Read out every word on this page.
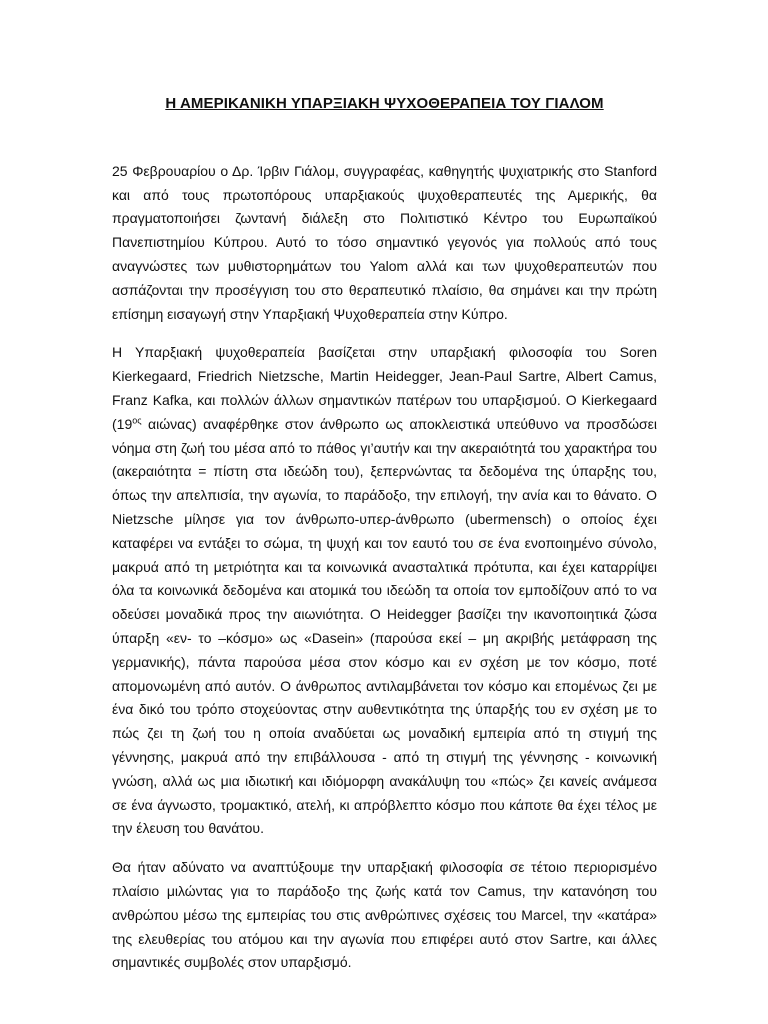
Η ΑΜΕΡΙΚΑΝΙΚΗ ΥΠΑΡΞΙΑΚΗ ΨΥΧΟΘΕΡΑΠΕΙΑ ΤΟΥ ΓΙΑΛΟΜ

25 Φεβρουαρίου ο Δρ. Ίρβιν Γιάλομ, συγγραφέας, καθηγητής ψυχιατρικής στο Stanford και από τους πρωτοπόρους υπαρξιακούς ψυχοθεραπευτές της Αμερικής, θα πραγματοποιήσει ζωντανή διάλεξη στο Πολιτιστικό Κέντρο του Ευρωπαϊκού Πανεπιστημίου Κύπρου. Αυτό το τόσο σημαντικό γεγονός για πολλούς από τους αναγνώστες των μυθιστορημάτων του Yalom αλλά και των ψυχοθεραπευτών που ασπάζονται την προσέγγιση του στο θεραπευτικό πλαίσιο, θα σημάνει και την πρώτη επίσημη εισαγωγή στην Υπαρξιακή Ψυχοθεραπεία στην Κύπρο.

Η Υπαρξιακή ψυχοθεραπεία βασίζεται στην υπαρξιακή φιλοσοφία του Soren Kierkegaard, Friedrich Nietzsche, Martin Heidegger, Jean-Paul Sartre, Albert Camus, Franz Kafka, και πολλών άλλων σημαντικών πατέρων του υπαρξισμού. Ο Kierkegaard ($19^{o\varsigma}$ αιώνας) αναφέρθηκε στον άνθρωπο ως αποκλειστικά υπεύθυνο να προσδώσει νόημα στη ζωή του μέσα από το πάθος γι’αυτήν και την ακεραιότητά του χαρακτήρα του (ακεραιότητα = πίστη στα ιδεώδη του), ξεπερνώντας τα δεδομένα της ύπαρξης του, όπως την απελπισία, την αγωνία, το παράδοξο, την επιλογή, την ανία και το θάνατο. Ο Nietzsche μίλησε για τον άνθρωπο-υπερ-άνθρωπο (ubermensch) ο οποίος έχει καταφέρει να εντάξει το σώμα, τη ψυχή και τον εαυτό του σε ένα ενοποιημένο σύνολο, μακρυά από τη μετριότητα και τα κοινωνικά ανασταλτικά πρότυπα, και έχει καταρρίψει όλα τα κοινωνικά δεδομένα και ατομικά του ιδεώδη τα οποία τον εμποδίζουν από το να οδεύσει μοναδικά προς την αιωνιότητα. Ο Heidegger βασίζει την ικανοποιητικά ζώσα ύπαρξη «εν- το –κόσμο» ως «Dasein» (παρούσα εκεί – μη ακριβής μετάφραση της γερμανικής), πάντα παρούσα μέσα στον κόσμο και εν σχέση με τον κόσμο, ποτέ απομονωμένη από αυτόν. Ο άνθρωπος αντιλαμβάνεται τον κόσμο και επομένως ζει με ένα δικό του τρόπο στοχεύοντας στην αυθεντικότητα της ύπαρξής του εν σχέση με το πώς ζει τη ζωή του η οποία αναδύεται ως μοναδική εμπειρία από τη στιγμή της γέννησης, μακρυά από την επιβάλλουσα - από τη στιγμή της γέννησης - κοινωνική γνώση, αλλά ως μια ιδιωτική και ιδιόμορφη ανακάλυψη του «πώς» ζει κανείς ανάμεσα σε ένα άγνωστο, τρομακτικό, ατελή, κι απρόβλεπτο κόσμο που κάποτε θα έχει τέλος με την έλευση του θανάτου.

Θα ήταν αδύνατο να αναπτύξουμε την υπαρξιακή φιλοσοφία σε τέτοιο περιορισμένο πλαίσιο μιλώντας για το παράδοξο της ζωής κατά τον Camus, την κατανόηση του ανθρώπου μέσω της εμπειρίας του στις ανθρώπινες σχέσεις του Marcel, την «κατάρα» της ελευθερίας του ατόμου και την αγωνία που επιφέρει αυτό στον Sartre, και άλλες σημαντικές συμβολές στον υπαρξισμό.
